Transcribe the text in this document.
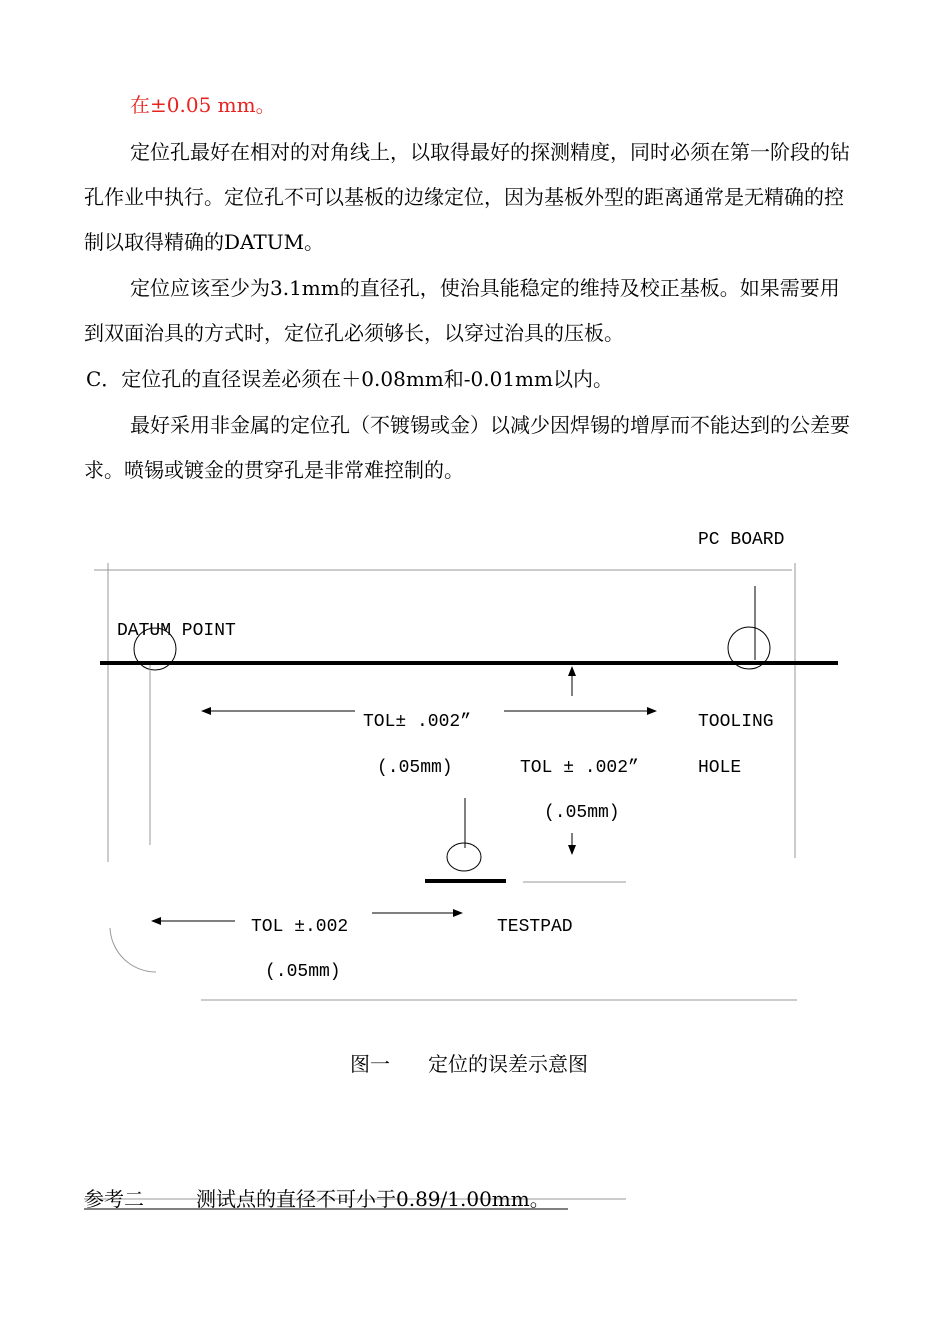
在±0.05 mm。

定位孔最好在相对的对角线上，以取得最好的探测精度，同时必须在第一阶段的钻孔作业中执行。定位孔不可以基板的边缘定位，因为基板外型的距离通常是无精确的控制以取得精确的DATUM。

定位应该至少为3.1mm的直径孔，使治具能稳定的维持及校正基板。如果需要用到双面治具的方式时，定位孔必须够长，以穿过治具的压板。

C．定位孔的直径误差必须在＋0.08mm和-0.01mm以内。

最好采用非金属的定位孔（不镀锡或金）以减少因焊锡的增厚而不能达到的公差要求。喷锡或镀金的贯穿孔是非常难控制的。

PC BOARD
DATUM POINT
TOL± .002”
(.05mm)	TOL ± .002”
(.05mm)
TOOLING
HOLE
TOL ±.002
(.05mm)
TESTPAD
图一 定位的误差示意图
参考二	测试点的直径不可小于0.89/1.00mm。
